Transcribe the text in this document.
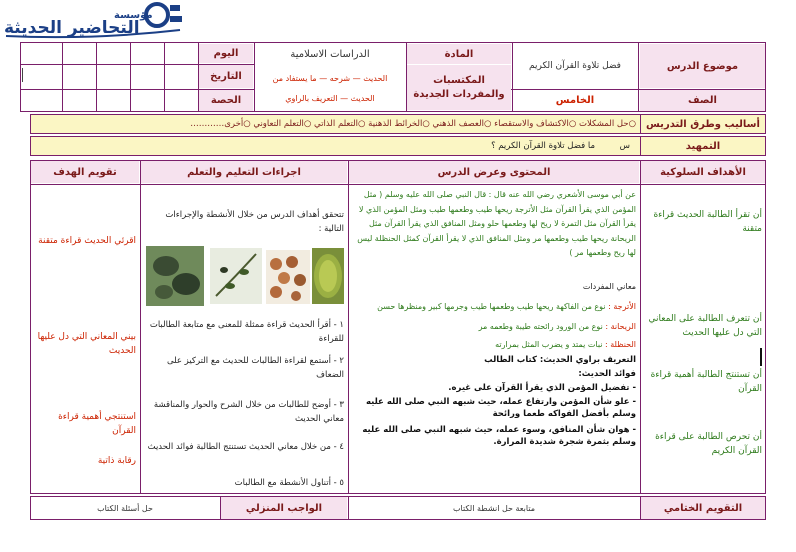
مؤسسة
التحاضير الحديثة
موضوع الدرس
فضل تلاوة القرآن الكريم
المادة
الدراسات الاسلامية
المكتسبات والمفردات الجديدة
الحديث — شرحه — ما يستفاد من
الحديث — التعريف بالراوي
اليوم
التاريخ
الحصة	الصف
الخامس
أساليب وطرق التدريس
○حل المشكلات ○الاكتشاف والاستقصاء ○العصف الذهني ○الخرائط الذهنية ○التعلم الذاتي ○التعلم التعاوني ○أخرى…………
التمهيد
س
ما فضل تلاوة القرآن الكريم ؟
الأهداف السلوكية
المحتوى وعرض الدرس
اجراءات التعليم والتعلم
تقويم الهدف
أن تقرأ الطالبة الحديث قراءة متقنة
أن تتعرف الطالبة على المعاني التي دل عليها الحديث
أن تستنتج الطالبة أهمية قراءة القرآن
أن تحرص الطالبة على قراءة القرآن الكريم
عن أبي موسى الأشعري رضي الله عنه قال : قال النبي صلى الله عليه وسلم ( مثل المؤمن الذي يقرأ القرآن مثل الأترجة ريحها طيب وطعمها طيب ومثل المؤمن الذي لا يقرأ القرآن مثل التمرة لا ريح لها وطعمها حلو ومثل المنافق الذي يقرأ القرآن مثل الريحانة ريحها طيب وطعمها مر ومثل المنافق الذي لا يقرأ القرآن كمثل الحنظلة ليس لها ريح وطعمها مر )
معاني المفردات
الأترجة : نوع من الفاكهة ريحها طيب وطعمها طيب وجرمها كبير ومنظرها حسن
الريحانة : نوع من الورود رائحته طيبة وطعمه مر
الحنظلة : نبات يمتد و يضرب المثل بمرارته
التعريف براوي الحديث: كتاب الطالب
فوائد الحديث:
- تفضيل المؤمن الذي يقرأ القرآن على غيره.
- علو شأن المؤمن وارتفاع عمله، حيث شبهه النبي صلى الله عليه وسلم بأفضل الفواكه طعما ورائحة
- هوان شأن المنافق، وسوء عمله، حيث شبهه النبي صلى الله عليه وسلم بثمرة شجرة شديدة المرارة.
تتحقق أهداف الدرس من خلال الأنشطة والإجراءات التالية :
١ - أقرأ الحديث قراءة ممثلة للمعنى مع متابعة الطالبات للقراءة
٢ - أستمع لقراءة الطالبات للحديث مع التركيز على الضعاف
٣ - أوضح للطالبات من خلال الشرح والحوار والمناقشة معاني الحديث
٤ - من خلال معاني الحديث تستنتج الطالبة فوائد الحديث
٥ - أتناول الأنشطة مع الطالبات
اقرئي الحديث قراءة متقنة
بيني المعاني التي دل عليها الحديث
استنتجي أهمية قراءة القرآن
رقابة ذاتية
التقويم الختامي
متابعة حل انشطة الكتاب
الواجب المنزلي
حل أسئلة الكتاب
